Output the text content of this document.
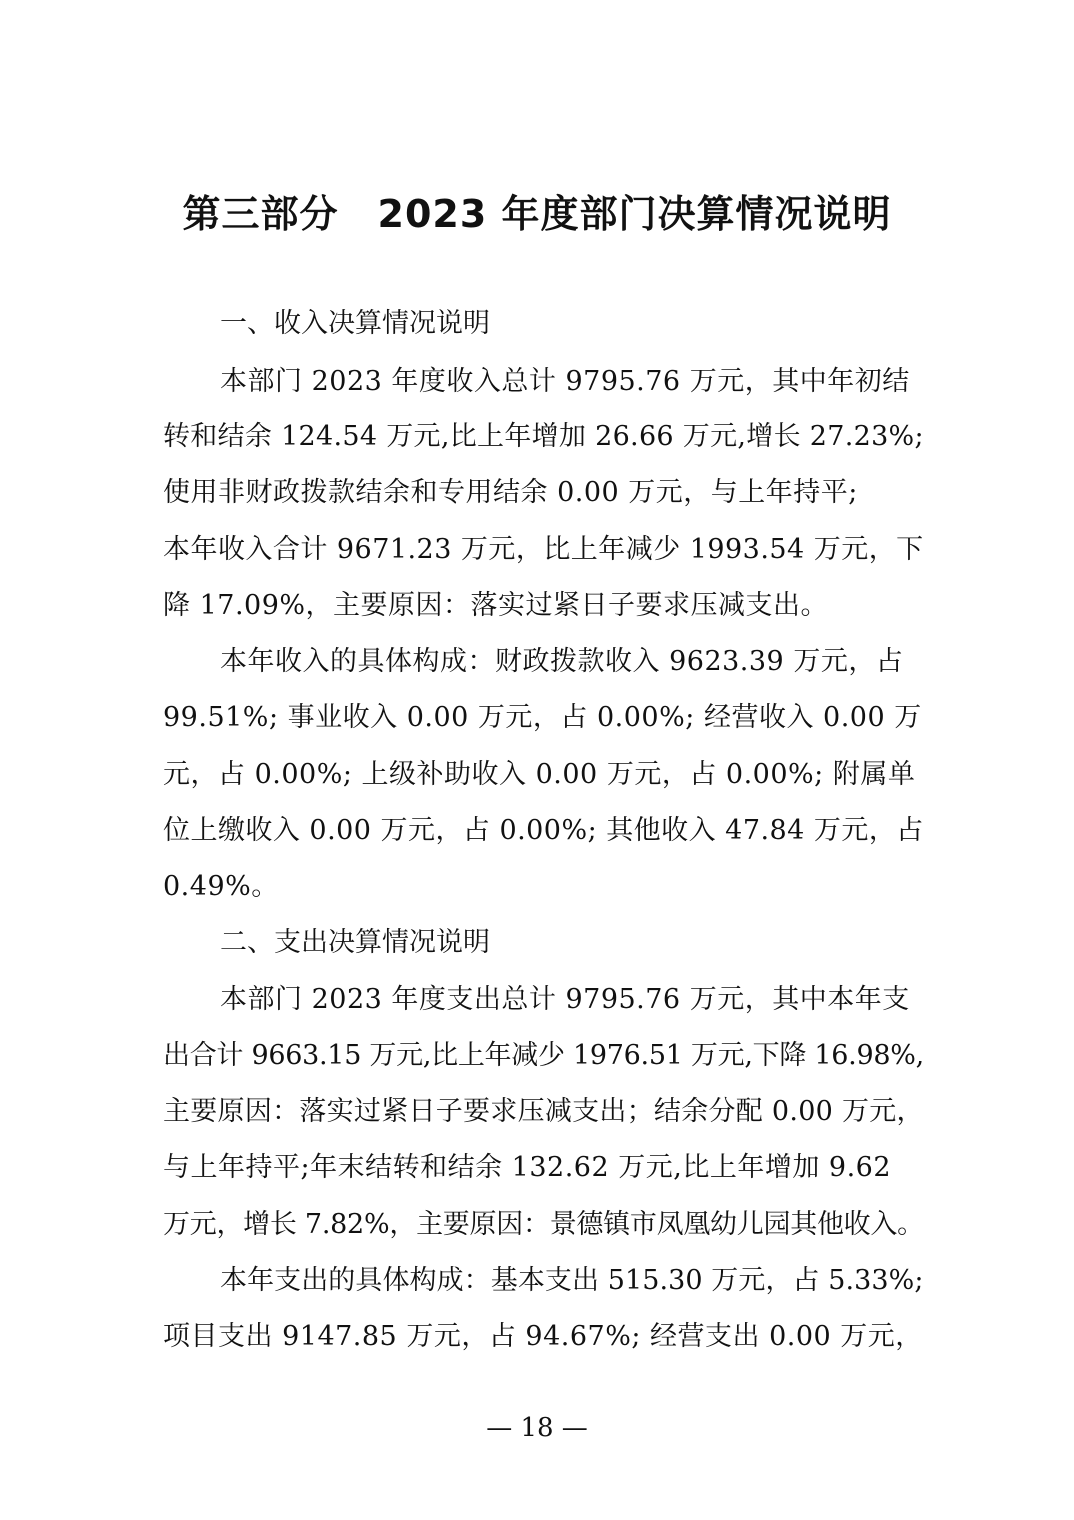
第三部分　2023 年度部门决算情况说明
一、收入决算情况说明
本部门 2023 年度收入总计 9795.76 万元，其中年初结
转和结余 124.54 万元,比上年增加 26.66 万元,增长 27.23%;
使用非财政拨款结余和专用结余 0.00 万元，与上年持平;
本年收入合计 9671.23 万元，比上年减少 1993.54 万元，下
降 17.09%，主要原因：落实过紧日子要求压减支出。
本年收入的具体构成：财政拨款收入 9623.39 万元，占
99.51%; 事业收入 0.00 万元，占 0.00%; 经营收入 0.00 万
元，占 0.00%; 上级补助收入 0.00 万元，占 0.00%; 附属单
位上缴收入 0.00 万元，占 0.00%; 其他收入 47.84 万元，占
0.49%。
二、支出决算情况说明
本部门 2023 年度支出总计 9795.76 万元，其中本年支
出合计 9663.15 万元,比上年减少 1976.51 万元,下降 16.98%,
主要原因：落实过紧日子要求压减支出；结余分配 0.00 万元，
与上年持平;年末结转和结余 132.62 万元,比上年增加 9.62
万元，增长 7.82%，主要原因：景德镇市凤凰幼儿园其他收入。
本年支出的具体构成：基本支出 515.30 万元，占 5.33%;
项目支出 9147.85 万元，占 94.67%; 经营支出 0.00 万元，
— 18 —
